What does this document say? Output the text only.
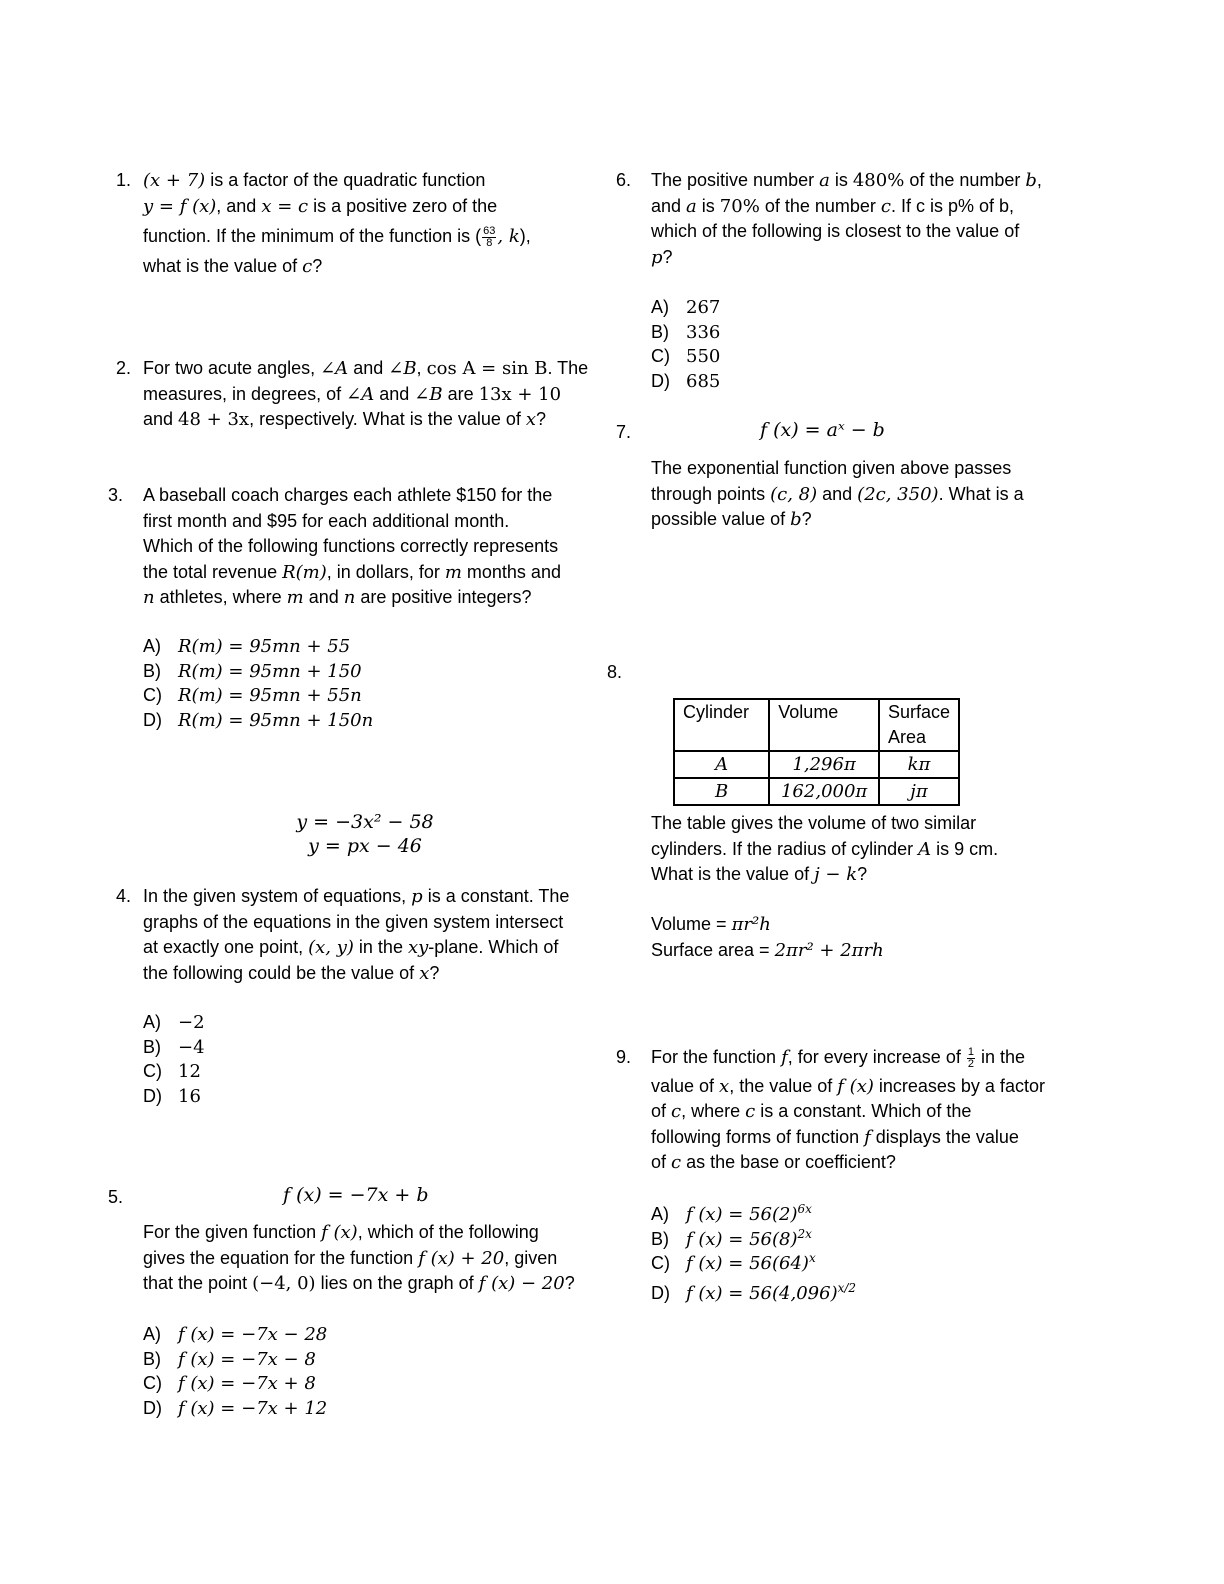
1. (x + 7) is a factor of the quadratic function
y = f (x), and x = c is a positive zero of the
function. If the minimum of the function is ( $\frac{63}{8}$ , k),
what is the value of c?
2. For two acute angles, ∠A and ∠B, cos A = sin B. The
measures, in degrees, of ∠A and ∠B are 13x + 10
and 48 + 3x, respectively. What is the value of x?
3. A baseball coach charges each athlete $150 for the
first month and $95 for each additional month.
Which of the following functions correctly represents
the total revenue R(m), in dollars, for m months and
n athletes, where m and n are positive integers?
A) R(m) = 95mn + 55
B) R(m) = 95mn + 150
C) R(m) = 95mn + 55n
D) R(m) = 95mn + 150n
y = −3x² − 58
y = px − 46
4. In the given system of equations, p is a constant. The
graphs of the equations in the given system intersect
at exactly one point, (x, y) in the xy-plane. Which of
the following could be the value of x?
A) −2
B) −4
C) 12
D) 16
5.	f (x) = −7x + b
For the given function f (x), which of the following
gives the equation for the function f (x) + 20, given
that the point (−4, 0) lies on the graph of f (x) − 20?
A) f (x) = −7x − 28
B) f (x) = −7x − 8
C) f (x) = −7x + 8
D) f (x) = −7x + 12
6. The positive number a is 480% of the number b,
and a is 70% of the number c. If c is p% of b,
which of the following is closest to the value of
p?
A) 267
B) 336
C) 550
D) 685
7.	f (x) = aˣ − b
The exponential function given above passes
through points (c, 8) and (2c, 350). What is a
possible value of b?
8.
Cylinder	Volume	Surface Area
A	1,296π	kπ
B	162,000π	jπ
The table gives the volume of two similar
cylinders. If the radius of cylinder A is 9 cm.
What is the value of j − k?
Volume = πr²h
Surface area = 2πr² + 2πrh
9. For the function f, for every increase of $\frac{1}{2}$ in the
value of x, the value of f (x) increases by a factor
of c, where c is a constant. Which of the
following forms of function f displays the value
of c as the base or coefficient?
A) f $(x) = 56(2)^{6x}$
B) f $(x) = 56(8)^{2x}$
C) f $(x) = 56(64)^x$
D) f $(x) = 56(4,096)^{x/2}$
